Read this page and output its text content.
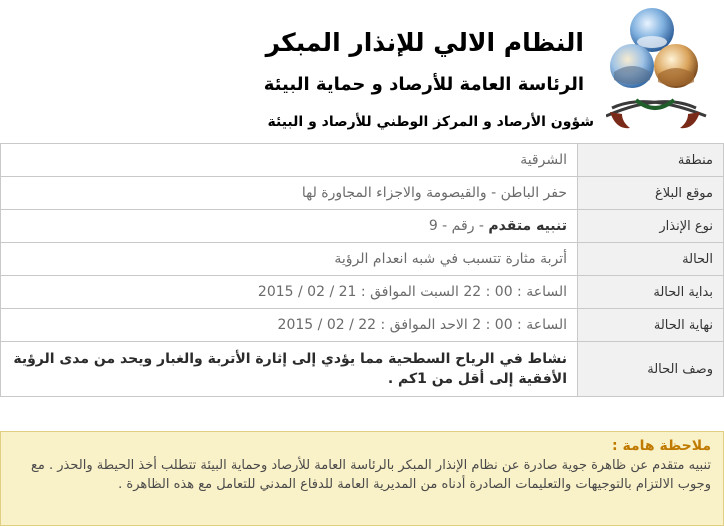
النظام الالي للإنذار المبكر
الرئاسة العامة للأرصاد و حماية البيئة
شؤون الأرصاد و المركز الوطني للأرصاد و البيئة
منطقة	الشرقية
موقع البلاغ	حفر الباطن - والقيصومة والاجزاء المجاورة لها
نوع الإنذار	تنبيه متقدم - رقم - 9
الحالة	أتربة مثارة تتسبب في شبه انعدام الرؤية
بداية الحالة	الساعة : 00 : 22 السبت الموافق : 21 / 02 / 2015
نهاية الحالة	الساعة : 00 : 2 الاحد الموافق : 22 / 02 / 2015
وصف الحالة	نشاط في الرياح السطحية مما يؤدي إلى إثارة الأتربة والغبار ويحد من مدى الرؤية الأفقية إلى أقل من 1كم .
ملاحظة هامة :
تنبيه متقدم عن ظاهرة جوية صادرة عن نظام الإنذار المبكر بالرئاسة العامة للأرصاد وحماية البيئة تتطلب أخذ الحيطة والحذر . مع وجوب الالتزام بالتوجيهات والتعليمات الصادرة أدناه من المديرية العامة للدفاع المدني للتعامل مع هذه الظاهرة .
